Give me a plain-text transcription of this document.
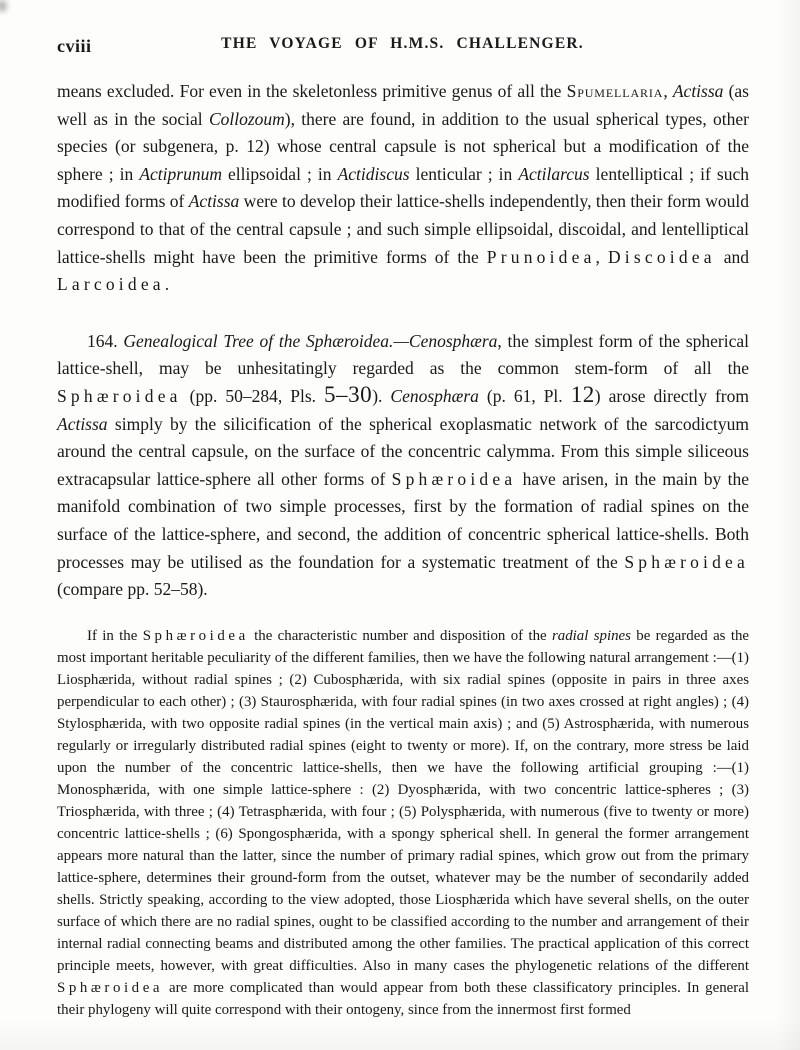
cviii	THE VOYAGE OF H.M.S. CHALLENGER.

means excluded. For even in the skeletonless primitive genus of all the Spumellaria, Actissa (as well as in the social Collozoum), there are found, in addition to the usual spherical types, other species (or subgenera, p. 12) whose central capsule is not spherical but a modification of the sphere ; in Actiprunum ellipsoidal ; in Actidiscus lenticular ; in Actilarcus lentelliptical ; if such modified forms of Actissa were to develop their lattice-shells independently, then their form would correspond to that of the central capsule ; and such simple ellipsoidal, discoidal, and lentelliptical lattice-shells might have been the primitive forms of the Prunoidea, Discoidea and Larcoidea.

164. Genealogical Tree of the Sphæroidea.—Cenosphæra, the simplest form of the spherical lattice-shell, may be unhesitatingly regarded as the common stem-form of all the Sphæroidea (pp. 50–284, Pls. 5–30). Cenosphæra (p. 61, Pl. 12) arose directly from Actissa simply by the silicification of the spherical exoplasmatic network of the sarcodictyum around the central capsule, on the surface of the concentric calymma. From this simple siliceous extracapsular lattice-sphere all other forms of Sphæroidea have arisen, in the main by the manifold combination of two simple processes, first by the formation of radial spines on the surface of the lattice-sphere, and second, the addition of concentric spherical lattice-shells. Both processes may be utilised as the foundation for a systematic treatment of the Sphæroidea (compare pp. 52–58).

If in the Sphæroidea the characteristic number and disposition of the radial spines be regarded as the most important heritable peculiarity of the different families, then we have the following natural arrangement :—(1) Liosphærida, without radial spines ; (2) Cubosphærida, with six radial spines (opposite in pairs in three axes perpendicular to each other) ; (3) Staurosphærida, with four radial spines (in two axes crossed at right angles) ; (4) Stylosphærida, with two opposite radial spines (in the vertical main axis) ; and (5) Astrosphærida, with numerous regularly or irregularly distributed radial spines (eight to twenty or more). If, on the contrary, more stress be laid upon the number of the concentric lattice-shells, then we have the following artificial grouping :—(1) Monosphærida, with one simple lattice-sphere : (2) Dyosphærida, with two concentric lattice-spheres ; (3) Triosphærida, with three ; (4) Tetrasphærida, with four ; (5) Polysphærida, with numerous (five to twenty or more) concentric lattice-shells ; (6) Spongosphærida, with a spongy spherical shell. In general the former arrangement appears more natural than the latter, since the number of primary radial spines, which grow out from the primary lattice-sphere, determines their ground-form from the outset, whatever may be the number of secondarily added shells. Strictly speaking, according to the view adopted, those Liosphærida which have several shells, on the outer surface of which there are no radial spines, ought to be classified according to the number and arrangement of their internal radial connecting beams and distributed among the other families. The practical application of this correct principle meets, however, with great difficulties. Also in many cases the phylogenetic relations of the different Sphæroidea are more complicated than would appear from both these classificatory principles. In general their phylogeny will quite correspond with their ontogeny, since from the innermost first formed
